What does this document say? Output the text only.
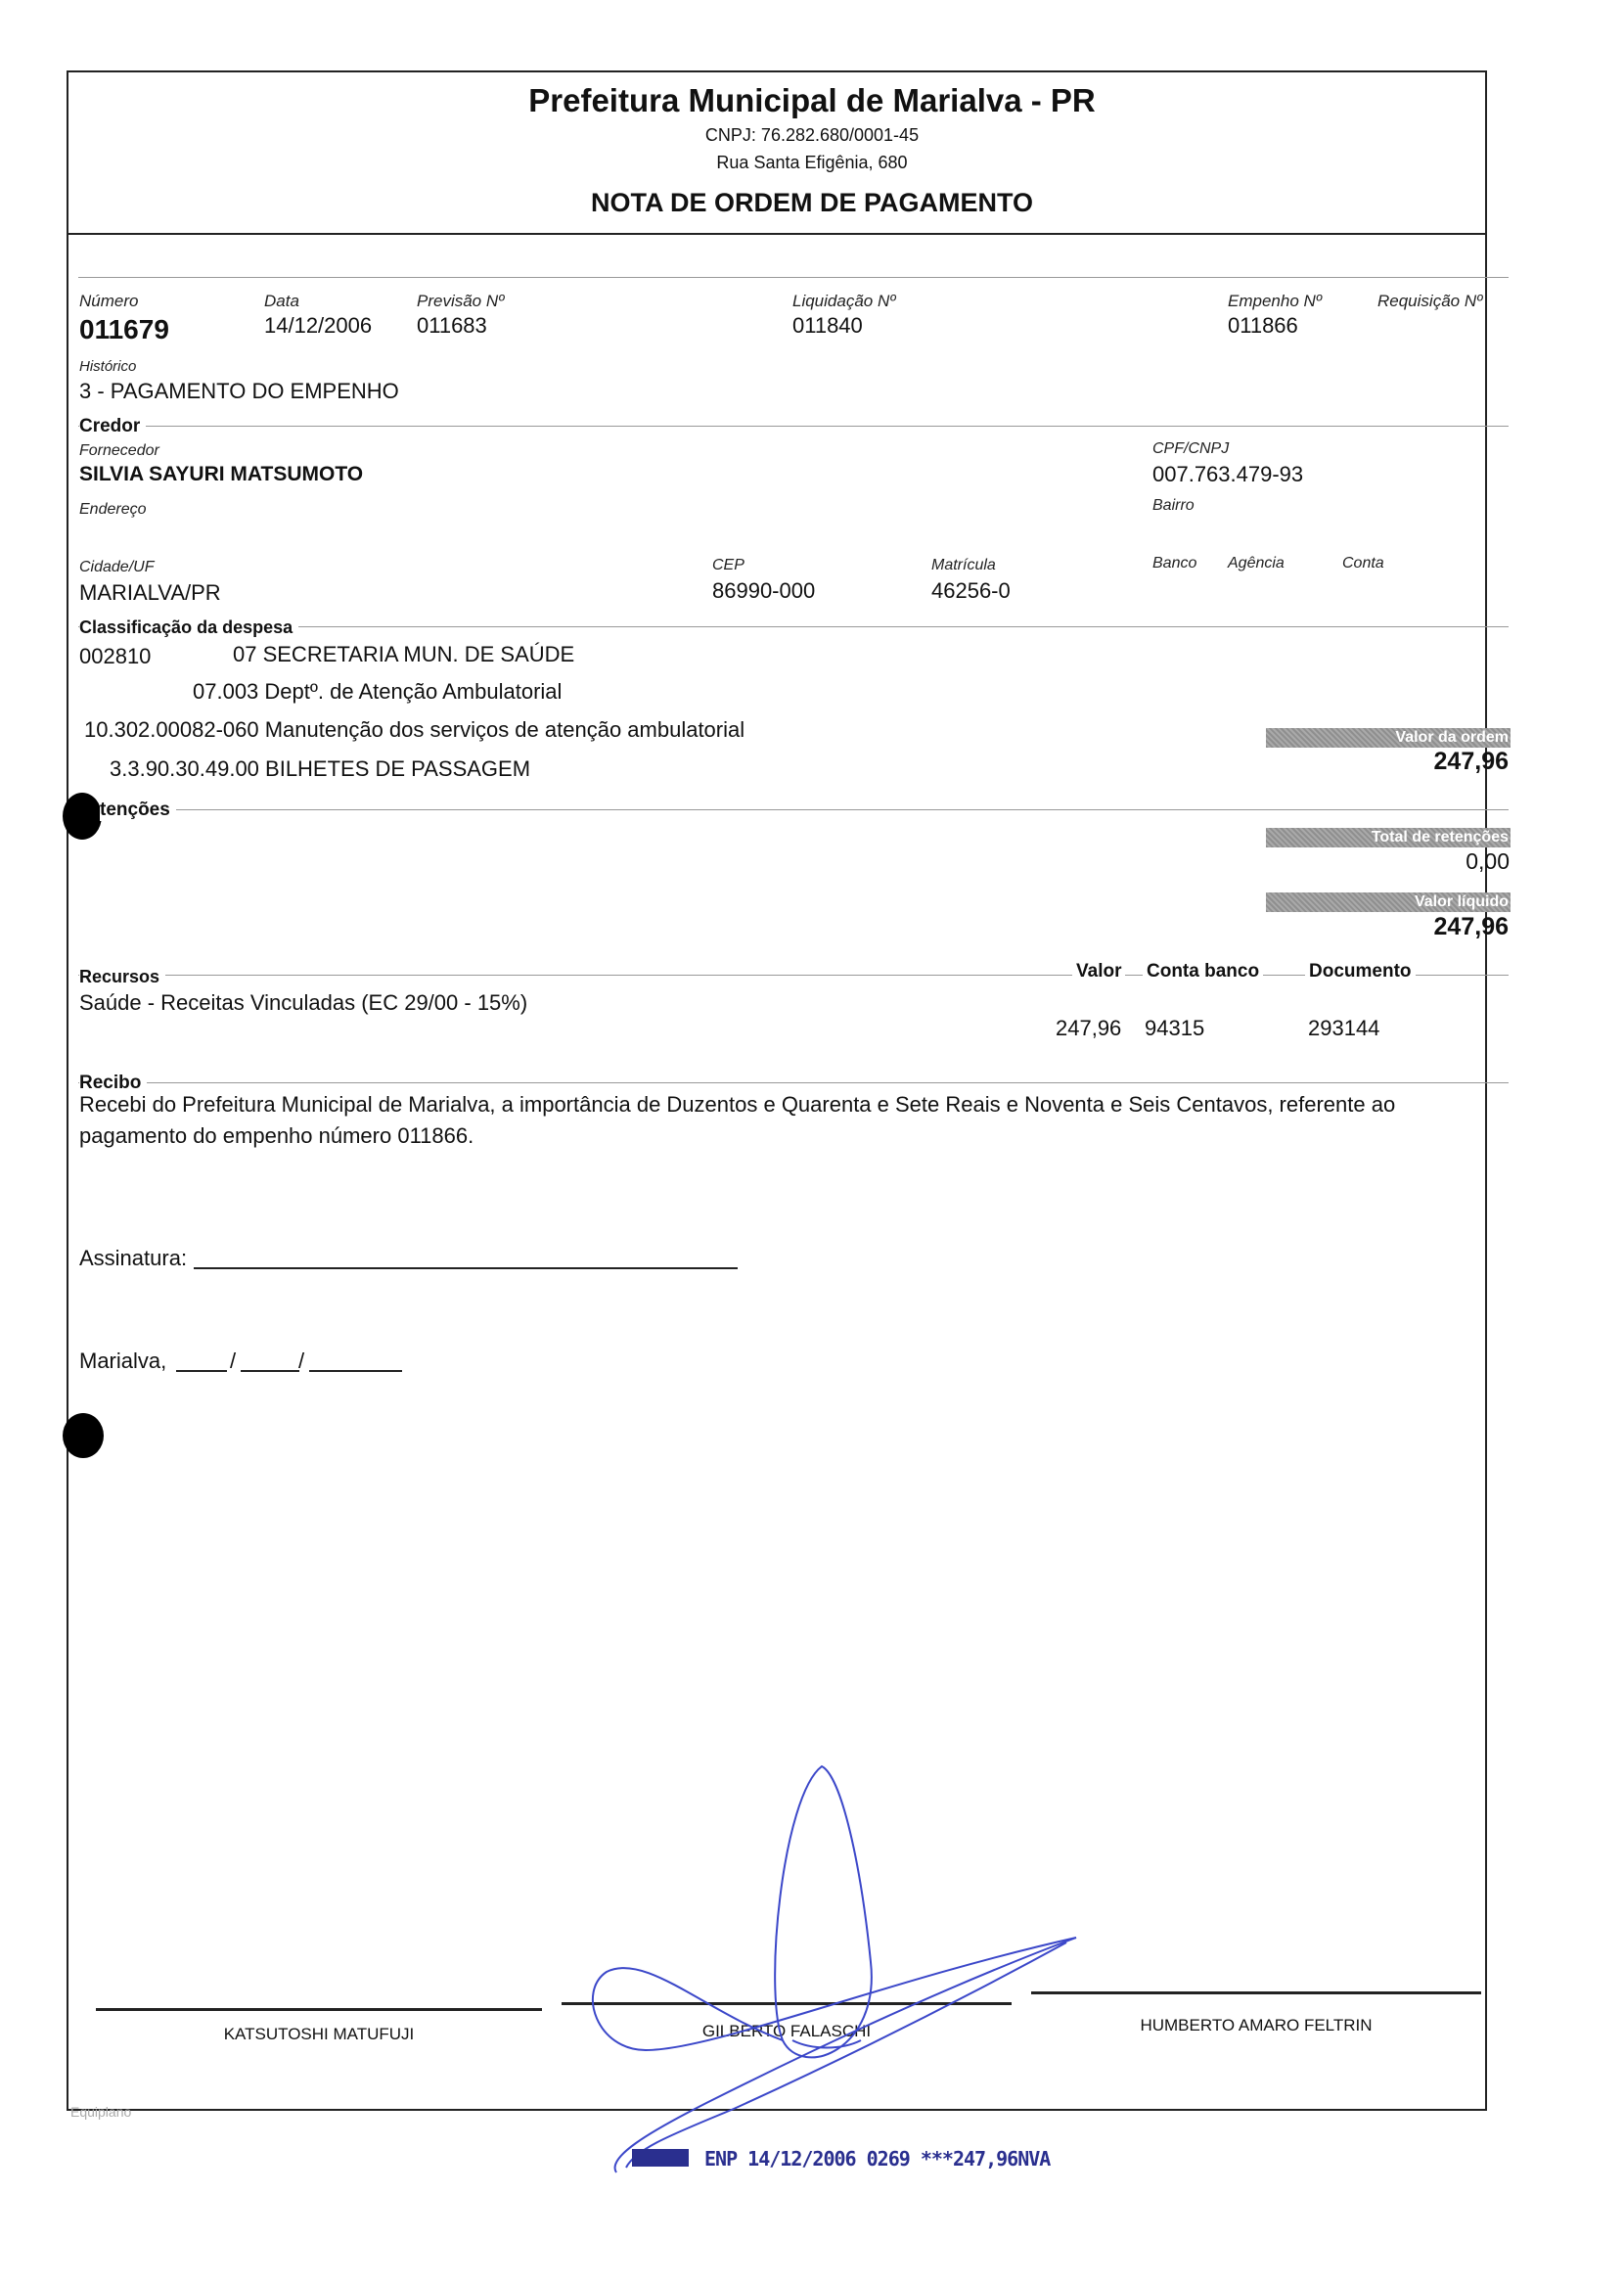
Prefeitura Municipal de Marialva - PR
CNPJ: 76.282.680/0001-45
Rua Santa Efigênia, 680
NOTA DE ORDEM DE PAGAMENTO
Número
011679
Data
14/12/2006
Previsão Nº
011683
Liquidação Nº
011840
Empenho Nº
011866
Requisição Nº
Histórico
3 - PAGAMENTO DO EMPENHO
Credor
Fornecedor
SILVIA SAYURI MATSUMOTO
CPF/CNPJ
007.763.479-93
Endereço	Bairro
Cidade/UF
MARIALVA/PR
CEP
86990-000
Matrícula
46256-0
Banco Agência	Conta
Classificação da despesa
002810	07 SECRETARIA MUN. DE SAÚDE
07.003 Deptº. de Atenção Ambulatorial
10.302.00082-060 Manutenção dos serviços de atenção ambulatorial
3.3.90.30.49.00 BILHETES DE PASSAGEM
Valor da ordem
247,96
tenções
Total de retenções
0,00
Valor líquido
247,96
Recursos	Valor Conta banco	Documento
Saúde - Receitas Vinculadas (EC 29/00 - 15%)
247,96 94315	293144
Recibo
Recebi do Prefeitura Municipal de Marialva, a importância de Duzentos e Quarenta e Sete Reais e Noventa e Seis Centavos, referente ao
pagamento do empenho número 011866.
Assinatura:
Marialva,	/	/
KATSUTOSHI MATUFUJI	GILBERTO FALASCHI	HUMBERTO AMARO FELTRIN
Equiplano
ENP 14/12/2006 0269 ***247,96NVA
